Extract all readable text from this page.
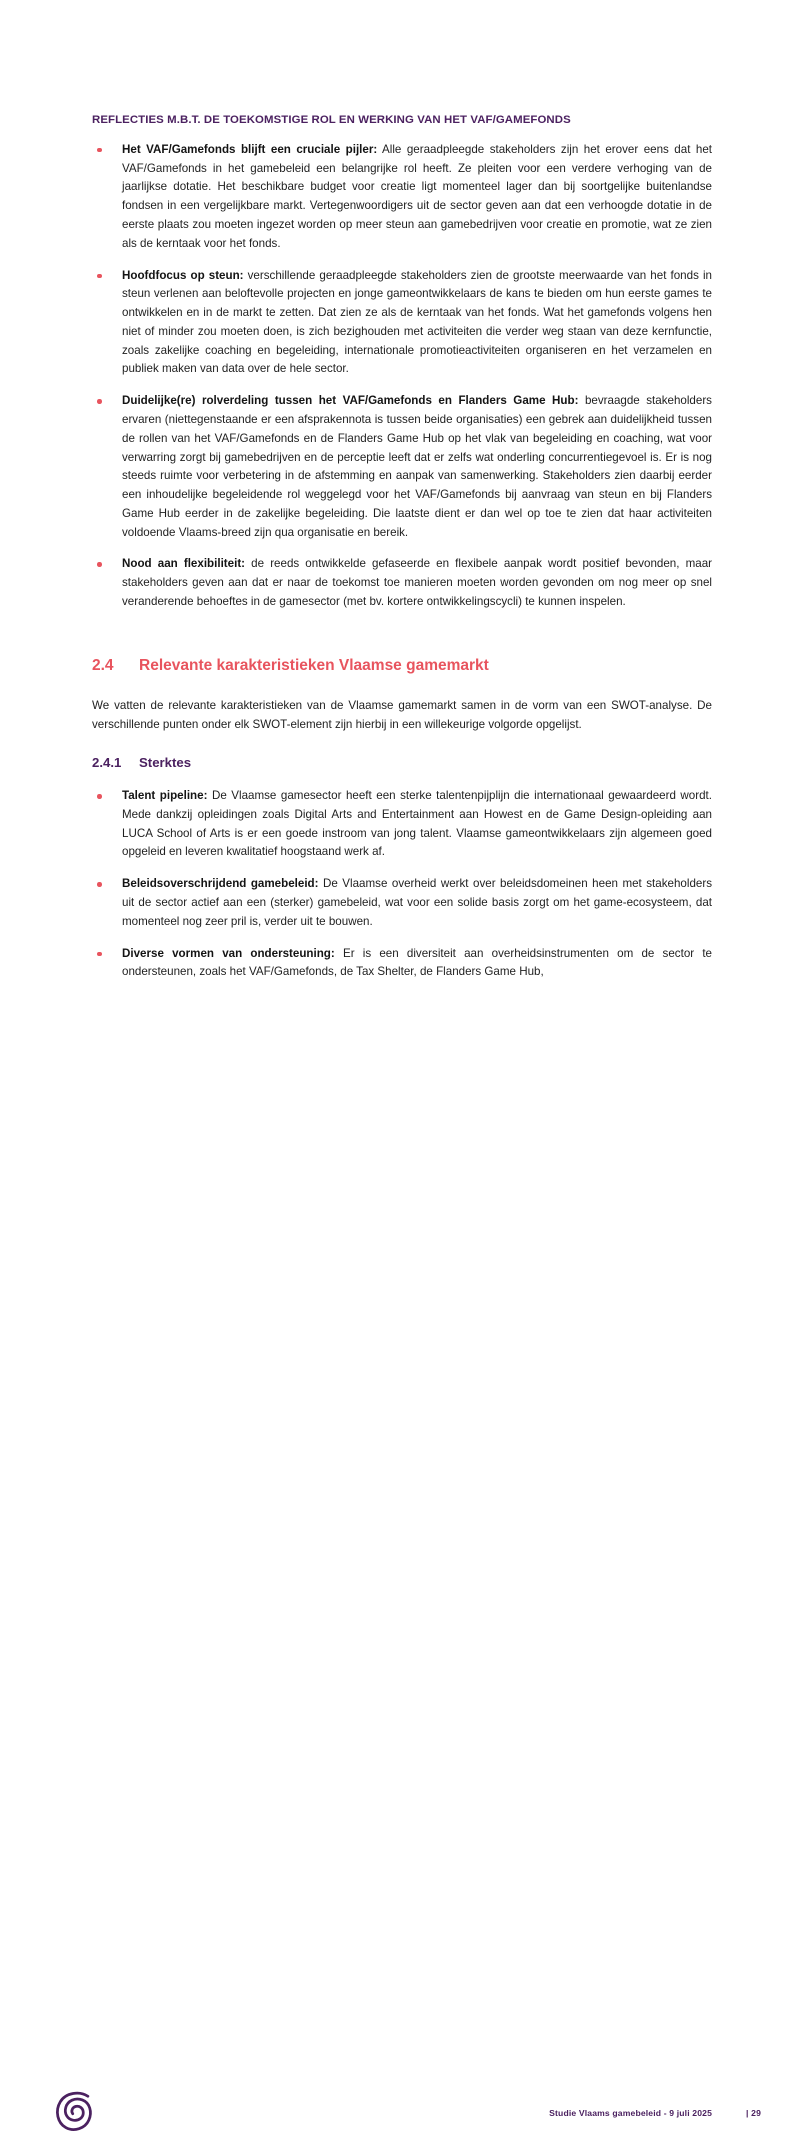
REFLECTIES M.B.T. DE TOEKOMSTIGE ROL EN WERKING VAN HET VAF/GAMEFONDS
Het VAF/Gamefonds blijft een cruciale pijler: Alle geraadpleegde stakeholders zijn het erover eens dat het VAF/Gamefonds in het gamebeleid een belangrijke rol heeft. Ze pleiten voor een verdere verhoging van de jaarlijkse dotatie. Het beschikbare budget voor creatie ligt momenteel lager dan bij soortgelijke buitenlandse fondsen in een vergelijkbare markt. Vertegenwoordigers uit de sector geven aan dat een verhoogde dotatie in de eerste plaats zou moeten ingezet worden op meer steun aan gamebedrijven voor creatie en promotie, wat ze zien als de kerntaak voor het fonds.
Hoofdfocus op steun: verschillende geraadpleegde stakeholders zien de grootste meerwaarde van het fonds in steun verlenen aan beloftevolle projecten en jonge gameontwikkelaars de kans te bieden om hun eerste games te ontwikkelen en in de markt te zetten. Dat zien ze als de kerntaak van het fonds. Wat het gamefonds volgens hen niet of minder zou moeten doen, is zich bezighouden met activiteiten die verder weg staan van deze kernfunctie, zoals zakelijke coaching en begeleiding, internationale promotieactiviteiten organiseren en het verzamelen en publiek maken van data over de hele sector.
Duidelijke(re) rolverdeling tussen het VAF/Gamefonds en Flanders Game Hub: bevraagde stakeholders ervaren (niettegenstaande er een afsprakennota is tussen beide organisaties) een gebrek aan duidelijkheid tussen de rollen van het VAF/Gamefonds en de Flanders Game Hub op het vlak van begeleiding en coaching, wat voor verwarring zorgt bij gamebedrijven en de perceptie leeft dat er zelfs wat onderling concurrentiegevoel is. Er is nog steeds ruimte voor verbetering in de afstemming en aanpak van samenwerking. Stakeholders zien daarbij eerder een inhoudelijke begeleidende rol weggelegd voor het VAF/Gamefonds bij aanvraag van steun en bij Flanders Game Hub eerder in de zakelijke begeleiding. Die laatste dient er dan wel op toe te zien dat haar activiteiten voldoende Vlaams-breed zijn qua organisatie en bereik.
Nood aan flexibiliteit: de reeds ontwikkelde gefaseerde en flexibele aanpak wordt positief bevonden, maar stakeholders geven aan dat er naar de toekomst toe manieren moeten worden gevonden om nog meer op snel veranderende behoeftes in de gamesector (met bv. kortere ontwikkelingscycli) te kunnen inspelen.
2.4	Relevante karakteristieken Vlaamse gamemarkt

We vatten de relevante karakteristieken van de Vlaamse gamemarkt samen in de vorm van een SWOT-analyse. De verschillende punten onder elk SWOT-element zijn hierbij in een willekeurige volgorde opgelijst.

2.4.1	Sterktes
Talent pipeline: De Vlaamse gamesector heeft een sterke talentenpijplijn die internationaal gewaardeerd wordt. Mede dankzij opleidingen zoals Digital Arts and Entertainment aan Howest en de Game Design-opleiding aan LUCA School of Arts is er een goede instroom van jong talent. Vlaamse gameontwikkelaars zijn algemeen goed opgeleid en leveren kwalitatief hoogstaand werk af.
Beleidsoverschrijdend gamebeleid: De Vlaamse overheid werkt over beleidsdomeinen heen met stakeholders uit de sector actief aan een (sterker) gamebeleid, wat voor een solide basis zorgt om het game-ecosysteem, dat momenteel nog zeer pril is, verder uit te bouwen.
Diverse vormen van ondersteuning: Er is een diversiteit aan overheidsinstrumenten om de sector te ondersteunen, zoals het VAF/Gamefonds, de Tax Shelter, de Flanders Game Hub,
Studie Vlaams gamebeleid - 9 juli 2025	| 29
